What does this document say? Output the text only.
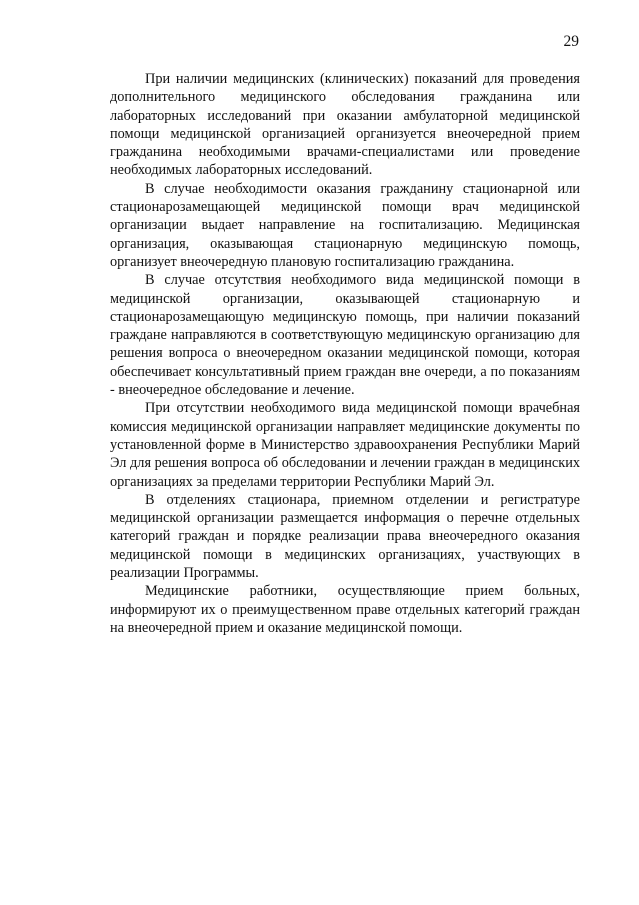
29

При наличии медицинских (клинических) показаний для проведения дополнительного медицинского обследования гражданина или лабораторных исследований при оказании амбулаторной медицинской помощи медицинской организацией организуется внеочередной прием гражданина необходимыми врачами-специалистами или проведение необходимых лабораторных исследований.

В случае необходимости оказания гражданину стационарной или стационарозамещающей медицинской помощи врач медицинской организации выдает направление на госпитализацию. Медицинская организация, оказывающая стационарную медицинскую помощь, организует внеочередную плановую госпитализацию гражданина.

В случае отсутствия необходимого вида медицинской помощи в медицинской организации, оказывающей стационарную и стационарозамещающую медицинскую помощь, при наличии показаний граждане направляются в соответствующую медицинскую организацию для решения вопроса о внеочередном оказании медицинской помощи, которая обеспечивает консультативный прием граждан вне очереди, а по показаниям - внеочередное обследование и лечение.

При отсутствии необходимого вида медицинской помощи врачебная комиссия медицинской организации направляет медицинские документы по установленной форме в Министерство здравоохранения Республики Марий Эл для решения вопроса об обследовании и лечении граждан в медицинских организациях за пределами территории Республики Марий Эл.

В отделениях стационара, приемном отделении и регистратуре медицинской организации размещается информация о перечне отдельных категорий граждан и порядке реализации права внеочередного оказания медицинской помощи в медицинских организациях, участвующих в реализации Программы.

Медицинские работники, осуществляющие прием больных, информируют их о преимущественном праве отдельных категорий граждан на внеочередной прием и оказание медицинской помощи.
